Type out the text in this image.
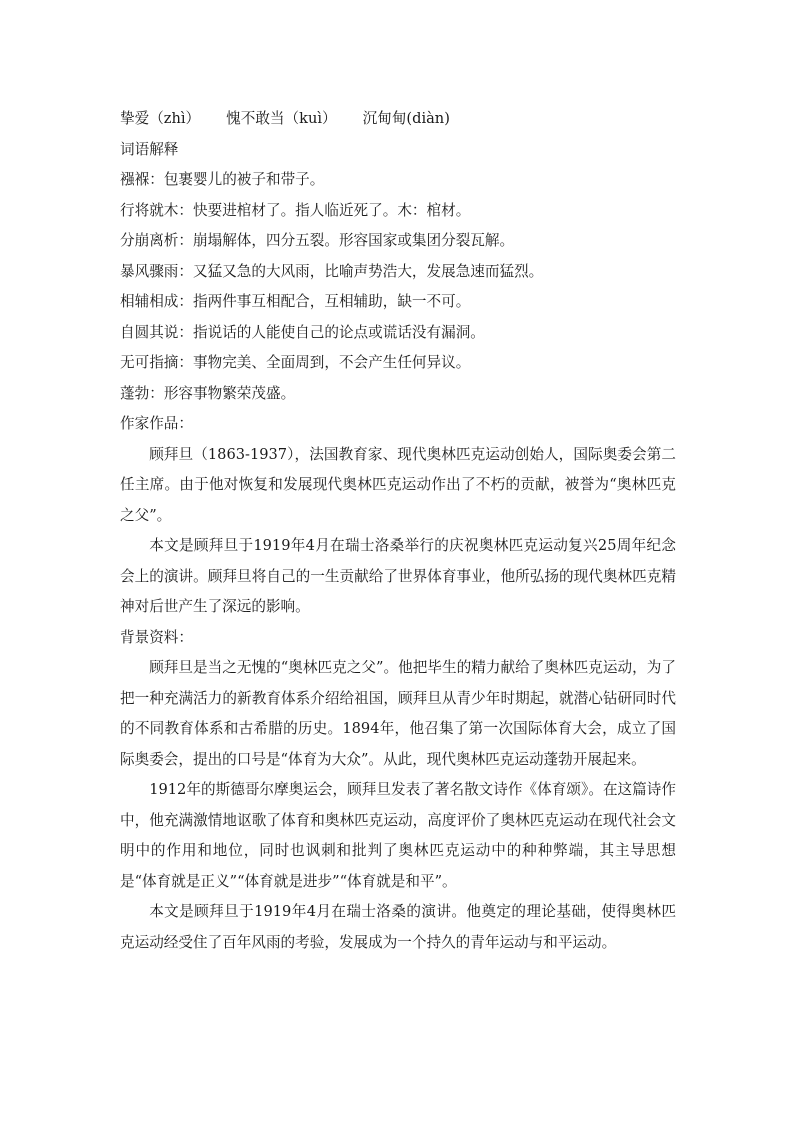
挚爱（zhì） 愧不敢当（kuì） 沉甸甸(diàn)

词语解释

襁褓：包裹婴儿的被子和带子。

行将就木：快要进棺材了。指人临近死了。木：棺材。

分崩离析：崩塌解体，四分五裂。形容国家或集团分裂瓦解。

暴风骤雨：又猛又急的大风雨，比喻声势浩大，发展急速而猛烈。

相辅相成：指两件事互相配合，互相辅助，缺一不可。

自圆其说：指说话的人能使自己的论点或谎话没有漏洞。

无可指摘：事物完美、全面周到，不会产生任何异议。

蓬勃：形容事物繁荣茂盛。

作家作品：

顾拜旦（1863-1937），法国教育家、现代奥林匹克运动创始人，国际奥委会第二任主席。由于他对恢复和发展现代奥林匹克运动作出了不朽的贡献，被誉为“奥林匹克之父”。

本文是顾拜旦于1919年4月在瑞士洛桑举行的庆祝奥林匹克运动复兴25周年纪念会上的演讲。顾拜旦将自己的一生贡献给了世界体育事业，他所弘扬的现代奥林匹克精神对后世产生了深远的影响。

背景资料：

顾拜旦是当之无愧的“奥林匹克之父”。他把毕生的精力献给了奥林匹克运动，为了把一种充满活力的新教育体系介绍给祖国，顾拜旦从青少年时期起，就潜心钻研同时代的不同教育体系和古希腊的历史。1894年，他召集了第一次国际体育大会，成立了国际奥委会，提出的口号是“体育为大众”。从此，现代奥林匹克运动蓬勃开展起来。

1912年的斯德哥尔摩奥运会，顾拜旦发表了著名散文诗作《体育颂》。在这篇诗作中，他充满激情地讴歌了体育和奥林匹克运动，高度评价了奥林匹克运动在现代社会文明中的作用和地位，同时也讽刺和批判了奥林匹克运动中的种种弊端，其主导思想是“体育就是正义”“体育就是进步”“体育就是和平”。

本文是顾拜旦于1919年4月在瑞士洛桑的演讲。他奠定的理论基础，使得奥林匹克运动经受住了百年风雨的考验，发展成为一个持久的青年运动与和平运动。
